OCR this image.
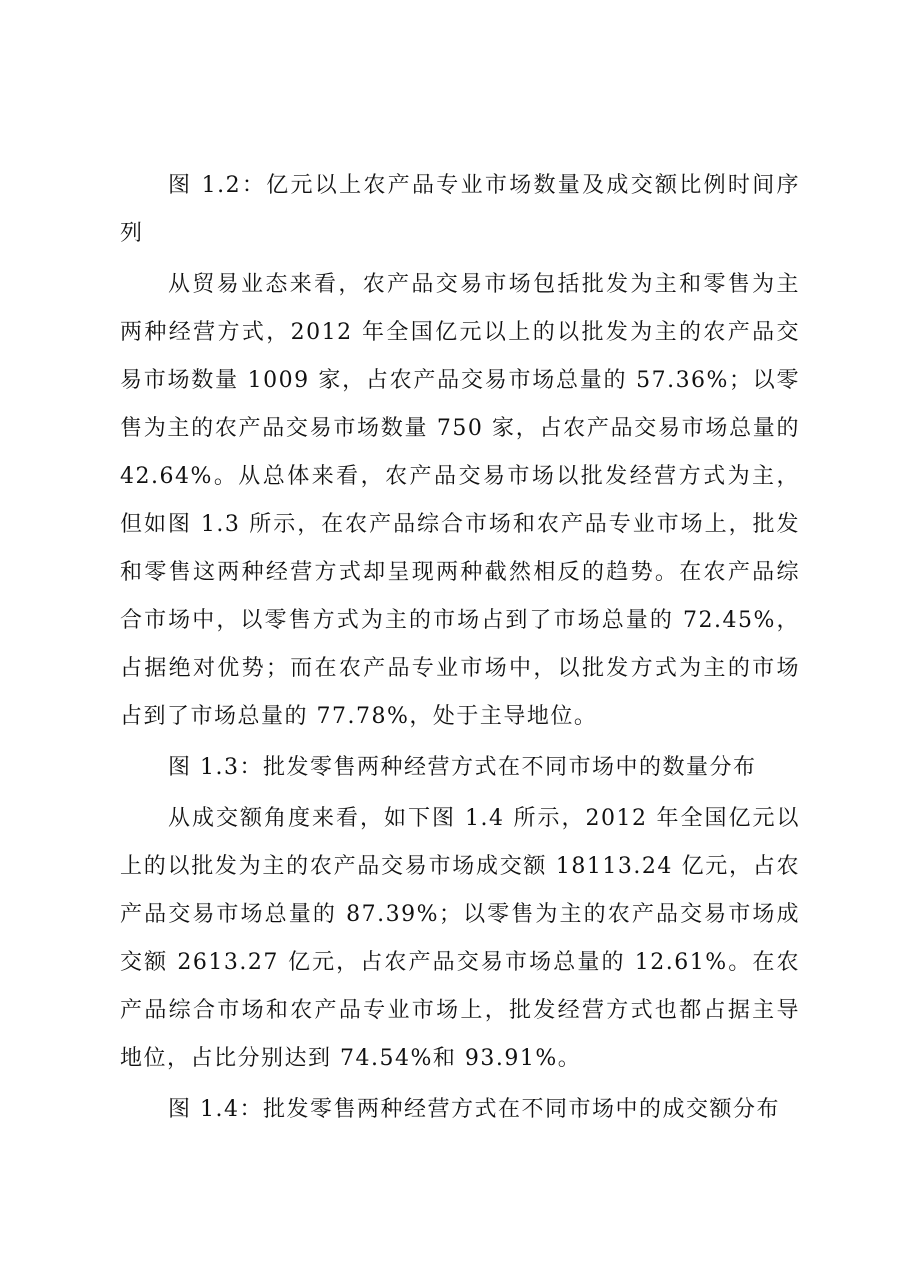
图 1.2：亿元以上农产品专业市场数量及成交额比例时间序列

从贸易业态来看，农产品交易市场包括批发为主和零售为主两种经营方式，2012 年全国亿元以上的以批发为主的农产品交易市场数量 1009 家，占农产品交易市场总量的 57.36%；以零售为主的农产品交易市场数量 750 家，占农产品交易市场总量的 42.64%。从总体来看，农产品交易市场以批发经营方式为主，但如图 1.3 所示，在农产品综合市场和农产品专业市场上，批发和零售这两种经营方式却呈现两种截然相反的趋势。在农产品综合市场中，以零售方式为主的市场占到了市场总量的 72.45%，占据绝对优势；而在农产品专业市场中，以批发方式为主的市场占到了市场总量的 77.78%，处于主导地位。

图 1.3：批发零售两种经营方式在不同市场中的数量分布

从成交额角度来看，如下图 1.4 所示，2012 年全国亿元以上的以批发为主的农产品交易市场成交额 18113.24 亿元，占农产品交易市场总量的 87.39%；以零售为主的农产品交易市场成交额 2613.27 亿元，占农产品交易市场总量的 12.61%。在农产品综合市场和农产品专业市场上，批发经营方式也都占据主导地位，占比分别达到 74.54%和 93.91%。

图 1.4：批发零售两种经营方式在不同市场中的成交额分布
